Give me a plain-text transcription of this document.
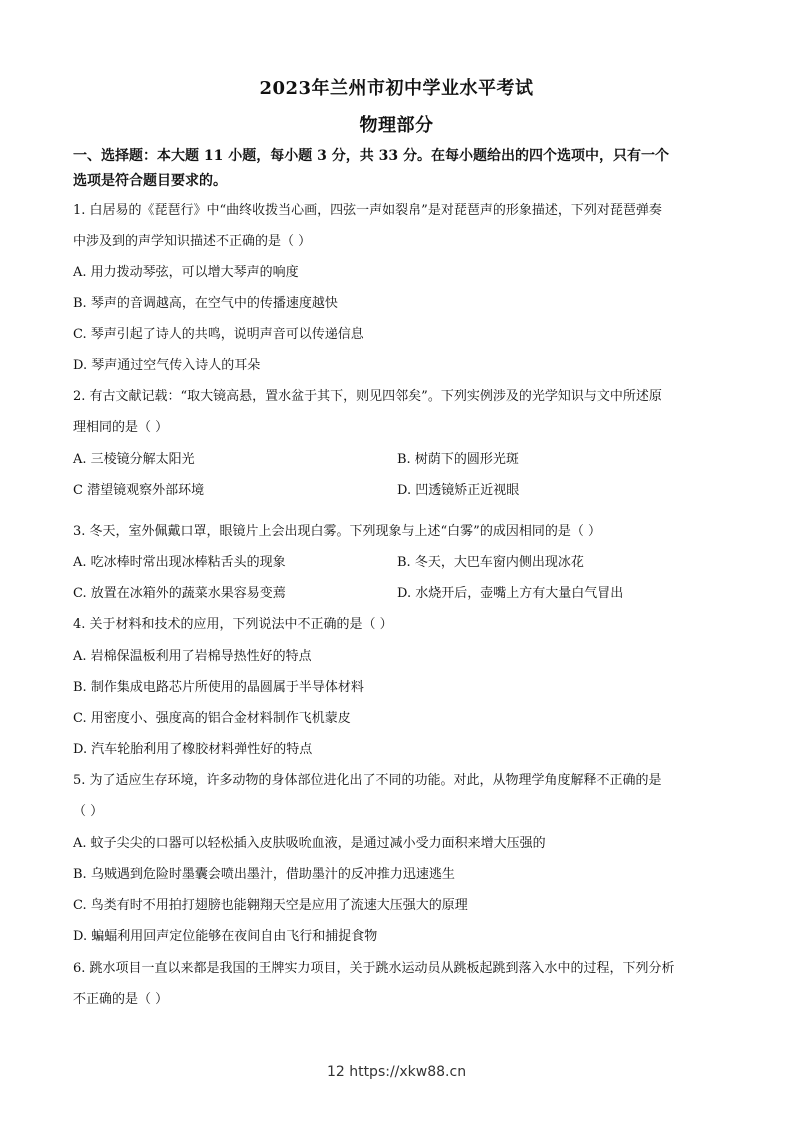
2023年兰州市初中学业水平考试
物理部分
一、选择题：本大题 11 小题，每小题 3 分，共 33 分。在每小题给出的四个选项中，只有一个
选项是符合题目要求的。
1. 白居易的《琵琶行》中“曲终收拨当心画，四弦一声如裂帛”是对琵琶声的形象描述，下列对琵琶弹奏
中涉及到的声学知识描述不正确的是（ ）
A. 用力拨动琴弦，可以增大琴声的响度
B. 琴声的音调越高，在空气中的传播速度越快
C. 琴声引起了诗人的共鸣，说明声音可以传递信息
D. 琴声通过空气传入诗人的耳朵
2. 有古文献记载：“取大镜高悬，置水盆于其下，则见四邻矣”。下列实例涉及的光学知识与文中所述原
理相同的是（ ）
A. 三棱镜分解太阳光	B. 树荫下的圆形光斑
C 潜望镜观察外部环境	D. 凹透镜矫正近视眼
3. 冬天，室外佩戴口罩，眼镜片上会出现白雾。下列现象与上述“白雾”的成因相同的是（ ）
A. 吃冰棒时常出现冰棒粘舌头的现象	B. 冬天，大巴车窗内侧出现冰花
C. 放置在冰箱外的蔬菜水果容易变蔫	D. 水烧开后，壶嘴上方有大量白气冒出
4. 关于材料和技术的应用，下列说法中不正确的是（ ）
A. 岩棉保温板利用了岩棉导热性好的特点
B. 制作集成电路芯片所使用的晶圆属于半导体材料
C. 用密度小、强度高的铝合金材料制作飞机蒙皮
D. 汽车轮胎利用了橡胶材料弹性好的特点
5. 为了适应生存环境，许多动物的身体部位进化出了不同的功能。对此，从物理学角度解释不正确的是
（ ）
A. 蚊子尖尖的口器可以轻松插入皮肤吸吮血液，是通过减小受力面积来增大压强的
B. 乌贼遇到危险时墨囊会喷出墨汁，借助墨汁的反冲推力迅速逃生
C. 鸟类有时不用拍打翅膀也能翱翔天空是应用了流速大压强大的原理
D. 蝙蝠利用回声定位能够在夜间自由飞行和捕捉食物
6. 跳水项目一直以来都是我国的王牌实力项目，关于跳水运动员从跳板起跳到落入水中的过程，下列分析
不正确的是（ ）
12 https://xkw88.cn
